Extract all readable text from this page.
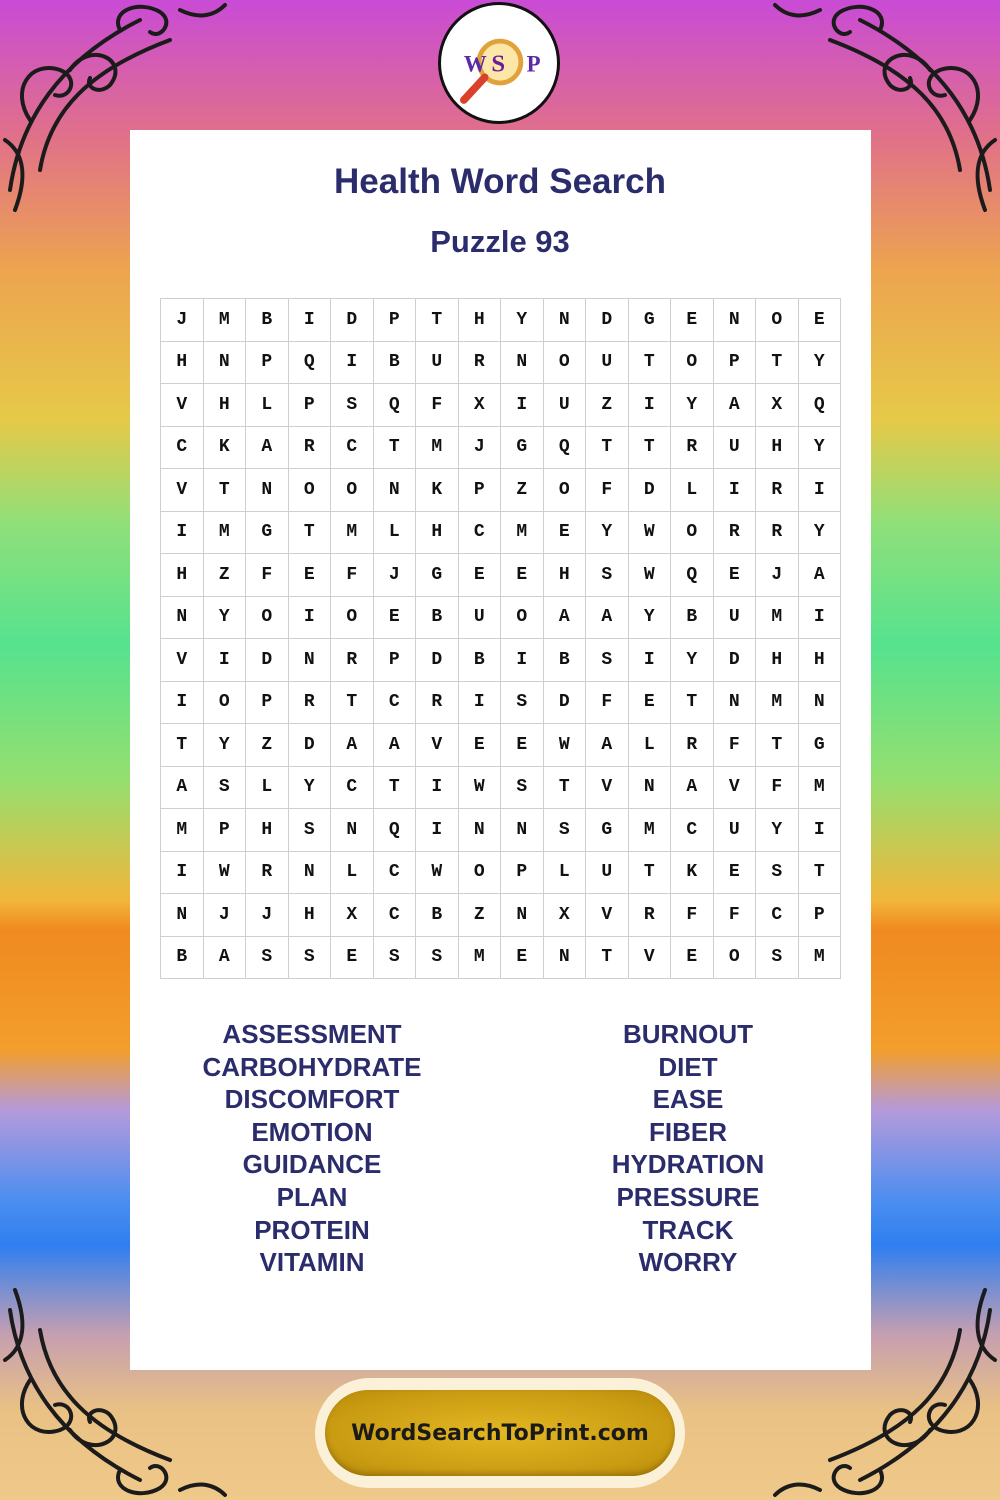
W S P
Health Word Search
Puzzle 93
J	M	B	I	D	P	T	H	Y	N	D	G	E	N	O	E
H	N	P	Q	I	B	U	R	N	O	U	T	O	P	T	Y
V	H	L	P	S	Q	F	X	I	U	Z	I	Y	A	X	Q
C	K	A	R	C	T	M	J	G	Q	T	T	R	U	H	Y
V	T	N	O	O	N	K	P	Z	O	F	D	L	I	R	I
I	M	G	T	M	L	H	C	M	E	Y	W	O	R	R	Y
H	Z	F	E	F	J	G	E	E	H	S	W	Q	E	J	A
N	Y	O	I	O	E	B	U	O	A	A	Y	B	U	M	I
V	I	D	N	R	P	D	B	I	B	S	I	Y	D	H	H
I	O	P	R	T	C	R	I	S	D	F	E	T	N	M	N
T	Y	Z	D	A	A	V	E	E	W	A	L	R	F	T	G
A	S	L	Y	C	T	I	W	S	T	V	N	A	V	F	M
M	P	H	S	N	Q	I	N	N	S	G	M	C	U	Y	I
I	W	R	N	L	C	W	O	P	L	U	T	K	E	S	T
N	J	J	H	X	C	B	Z	N	X	V	R	F	F	C	P
B	A	S	S	E	S	S	M	E	N	T	V	E	O	S	M
ASSESSMENT
CARBOHYDRATE
DISCOMFORT
EMOTION
GUIDANCE
PLAN
PROTEIN
VITAMIN
BURNOUT
DIET
EASE
FIBER
HYDRATION
PRESSURE
TRACK
WORRY
WordSearchToPrint.com
